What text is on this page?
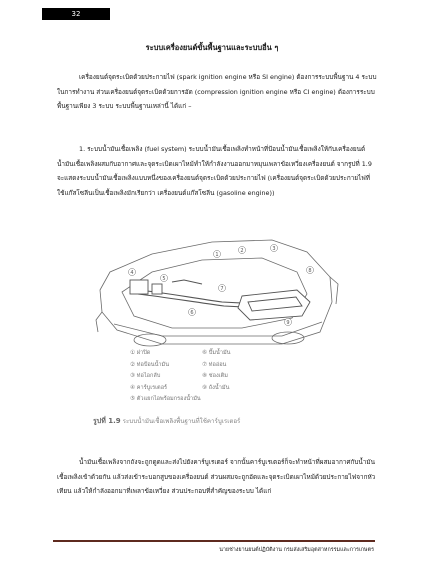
32
ระบบเครื่องยนต์ขั้นพื้นฐานและระบบอื่น ๆ

เครื่องยนต์จุดระเบิดด้วยประกายไฟ (spark ignition engine หรือ SI engine) ต้องการระบบพื้นฐาน 4 ระบบในการทำงาน ส่วนเครื่องยนต์จุดระเบิดด้วยการอัด (compression ignition engine หรือ CI engine) ต้องการระบบพื้นฐานเพียง 3 ระบบ ระบบพื้นฐานเหล่านี้ ได้แก่ –

1. ระบบน้ำมันเชื้อเพลิง (fuel system) ระบบน้ำมันเชื้อเพลิงทำหน้าที่ป้อนน้ำมันเชื้อเพลิงให้กับเครื่องยนต์ น้ำมันเชื้อเพลิงผสมกับอากาศและจุดระเบิดเผาไหม้ทำให้กำลังงานออกมาหมุนเพลาข้อเหวี่ยงเครื่องยนต์ จากรูปที่ 1.9 จะแสดงระบบน้ำมันเชื้อเพลิงแบบหนึ่งของเครื่องยนต์จุดระเบิดด้วยประกายไฟ (เครื่องยนต์จุดระเบิดด้วยประกายไฟที่ใช้แก๊สโซลีนเป็นเชื้อเพลิงมักเรียกว่า เครื่องยนต์แก๊สโซลีน (gasoline engine))

1
2	3
4
5
6
7
8
9
① ฝาปิด
② ท่อป้อนน้ำมัน
③ ท่อไอกลับ
④ คาร์บูเรเตอร์
⑤ ตัวแยกไอพร้อมกรองน้ำมัน
⑥ ปั๊มน้ำมัน
⑦ ท่ออ่อน
⑧ ช่องเติม
⑨ ถังน้ำมัน
รูปที่ 1.9 ระบบน้ำมันเชื้อเพลิงพื้นฐานที่ใช้คาร์บูเรเตอร์

น้ำมันเชื้อเพลิงจากถังจะถูกดูดและส่งไปยังคาร์บูเรเตอร์ จากนั้นคาร์บูเรเตอร์ก็จะทำหน้าที่ผสมอากาศกับน้ำมันเชื้อเพลิงเข้าด้วยกัน แล้วส่งเข้าระบอกสูบของเครื่องยนต์ ส่วนผสมจะถูกอัดและจุดระเบิดเผาไหม้ด้วยประกายไฟจากหัวเทียน แล้วให้กำลังออกมาที่เพลาข้อเหวี่ยง ส่วนประกอบที่สำคัญของระบบ ได้แก่

นายช่างยานยนต์ปฏิบัติงาน กรมส่งเสริมอุตสาหกรรมและการเกษตร
